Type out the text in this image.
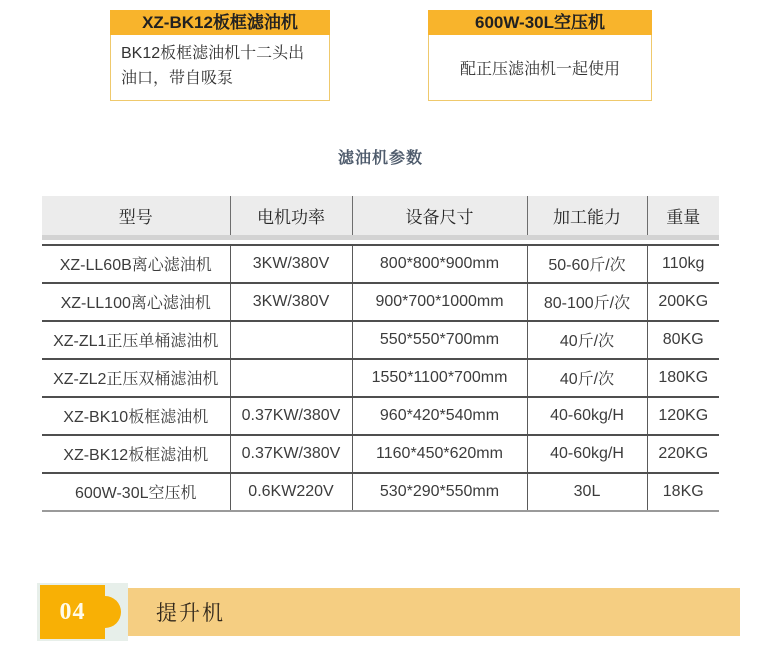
XZ-BK12板框滤油机
BK12板框滤油机十二头出油口，带自吸泵
600W-30L空压机
配正压滤油机一起使用
滤油机参数
型号	电机功率	设备尺寸	加工能力	重量
XZ-LL60B离心滤油机	3KW/380V	800*800*900mm	50-60斤/次	110kg
XZ-LL100离心滤油机	3KW/380V	900*700*1000mm	80-100斤/次	200KG
XZ-ZL1正压单桶滤油机		550*550*700mm	40斤/次	80KG
XZ-ZL2正压双桶滤油机		1550*1100*700mm	40斤/次	180KG
XZ-BK10板框滤油机	0.37KW/380V	960*420*540mm	40-60kg/H	120KG
XZ-BK12板框滤油机	0.37KW/380V	1160*450*620mm	40-60kg/H	220KG
600W-30L空压机	0.6KW220V	530*290*550mm	30L	18KG
04	提升机
